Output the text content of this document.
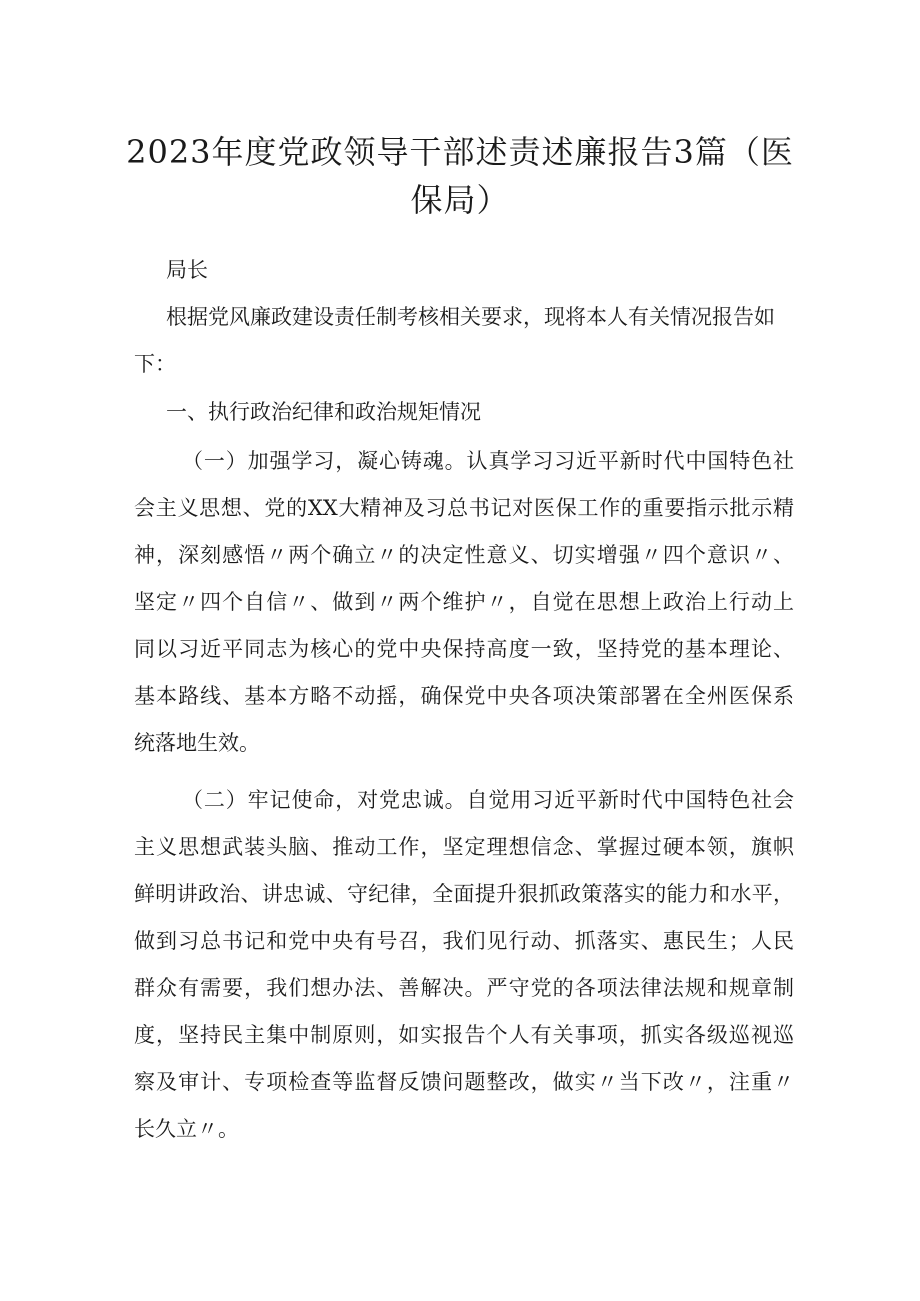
2023年度党政领导干部述责述廉报告3篇（医
保局）

局长

根据党风廉政建设责任制考核相关要求，现将本人有关情况报告如

下：

一、执行政治纪律和政治规矩情况

（一）加强学习，凝心铸魂。认真学习习近平新时代中国特色社

会主义思想、党的XX大精神及习总书记对医保工作的重要指示批示精

神，深刻感悟〃两个确立〃的决定性意义、切实增强〃四个意识〃、

坚定〃四个自信〃、做到〃两个维护〃，自觉在思想上政治上行动上

同以习近平同志为核心的党中央保持高度一致，坚持党的基本理论、

基本路线、基本方略不动摇，确保党中央各项决策部署在全州医保系

统落地生效。

（二）牢记使命，对党忠诚。自觉用习近平新时代中国特色社会

主义思想武装头脑、推动工作，坚定理想信念、掌握过硬本领，旗帜

鲜明讲政治、讲忠诚、守纪律，全面提升狠抓政策落实的能力和水平，

做到习总书记和党中央有号召，我们见行动、抓落实、惠民生；人民

群众有需要，我们想办法、善解决。严守党的各项法律法规和规章制

度，坚持民主集中制原则，如实报告个人有关事项，抓实各级巡视巡

察及审计、专项检查等监督反馈问题整改，做实〃当下改〃，注重〃

长久立〃。
